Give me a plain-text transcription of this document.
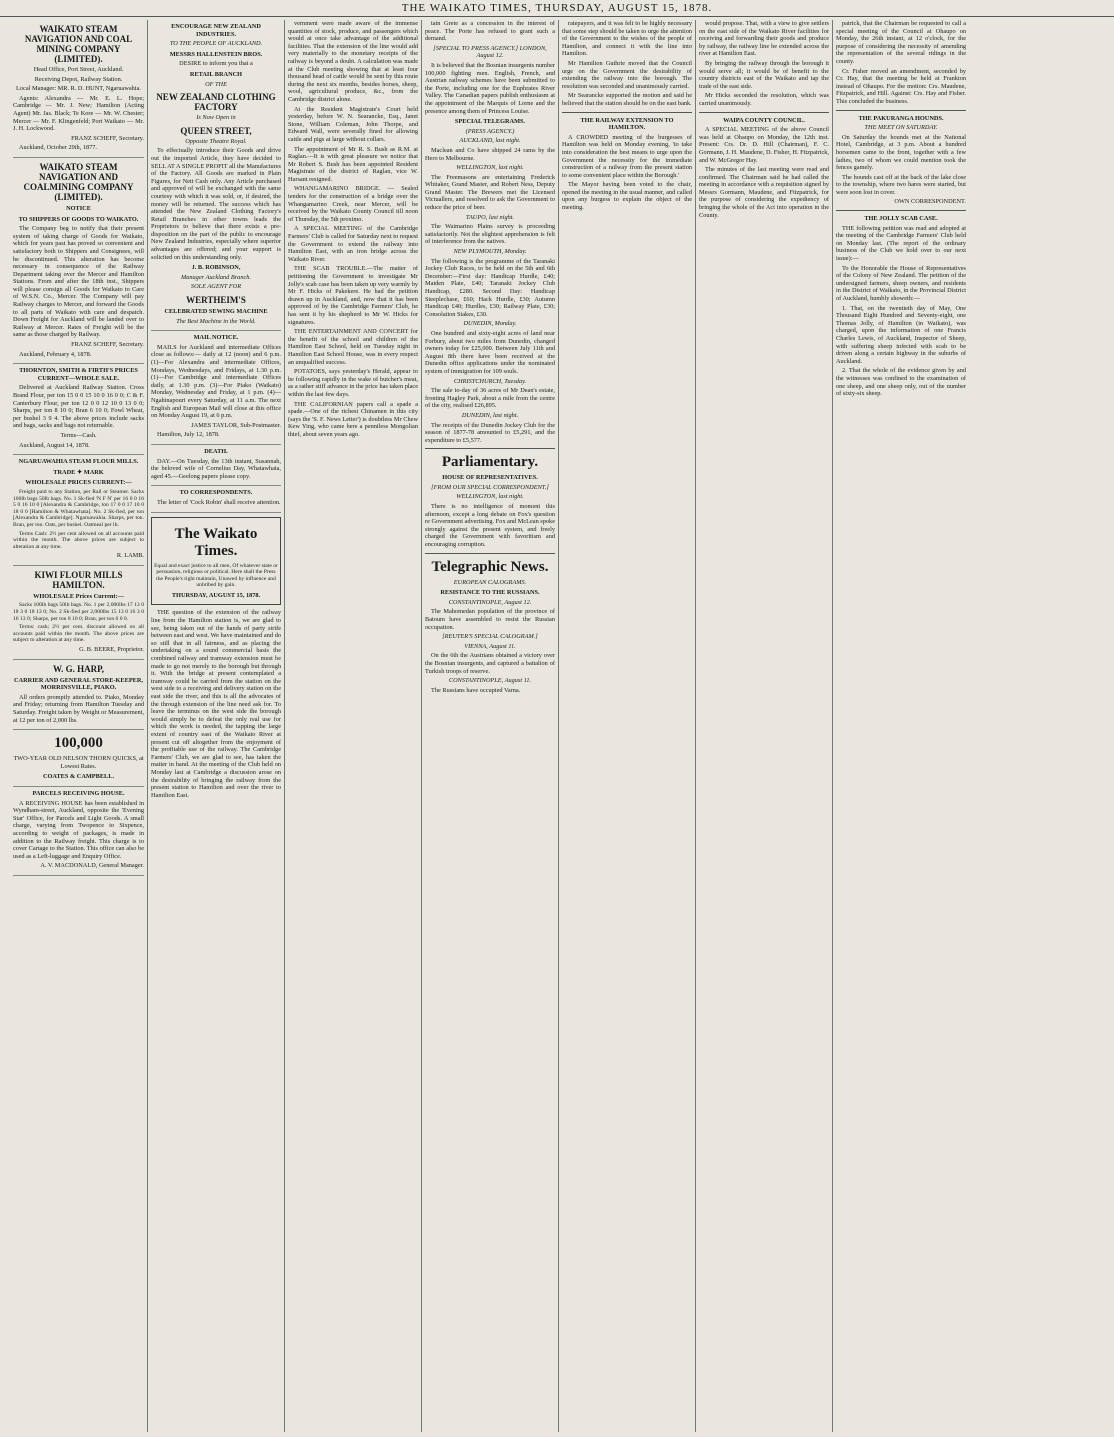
THE WAIKATO TIMES, THURSDAY, AUGUST 15, 1878.

WAIKATO STEAM NAVIGATION AND COAL MINING COMPANY (LIMITED).

Head Office, Port Street, Auckland.

Receiving Depot, Railway Station.

Local Manager: MR. R. D. HUNT, Ngaruawahia.

Agents: Alexandra — Mr. E. L. Hope; Cambridge — Mr. J. New; Hamilton (Acting Agent) Mr. Jas. Black; Te Kore — Mr. W. Chester; Mercer — Mr. F. Klingenfeld; Port Waikato — Mr. J. H. Lockwood.

FRANZ SCHEFF, Secretary.

Auckland, October 29th, 1877.

WAIKATO STEAM NAVIGATION AND COALMINING COMPANY (LIMITED).

NOTICE

TO SHIPPERS OF GOODS TO WAIKATO.

The Company beg to notify that their present system of taking charge of Goods for Waikato, which for years past has proved so convenient and satisfactory both to Shippers and Consignees, will be discontinued. This alteration has become necessary in consequence of the Railway Department taking over the Mercer and Hamilton Stations. From and after the 18th inst., Shippers will please consign all Goods for Waikato to Care of W.S.N. Co., Mercer. The Company will pay Railway charges to Mercer, and forward the Goods to all parts of Waikato with care and despatch. Down Freight for Auckland will be landed over to Railway at Mercer. Rates of Freight will be the same as those charged by Railway.

FRANZ SCHEFF, Secretary.

Auckland, February 4, 1878.

THORNTON, SMITH & FIRTH'S PRICES CURRENT—WHOLE SALE.

Delivered at Auckland Railway Station. Cross Brand Flour, per ton 15 0 0 15 10 0 16 0 0; C & F. Canterbury Flour, per ton 12 0 0 12 10 0 13 0 0; Sharps, per ton 8 10 0; Bran 6 10 0; Fowl Wheat, per bushel 3 9 4. The above prices include sacks and bags, sacks and bags not returnable.

Terms—Cash.

Auckland, August 14, 1878.

NGARUAWAHIA STEAM FLOUR MILLS.

TRADE ✦ MARK

WHOLESALE PRICES CURRENT:—

Freight paid to any Station, per Rail or Steamer. Sacks 100lb bags 50lb bags. No. 1 Sk-fied 'N F N' per 16 0 0 16 5 0 16 10 0 [Alexandra & Cambridge, ton 17 0 0 17 10 0 18 0 0 [Hamilton & Whatawhata]. No. 2 Sk-fied, per ton [Alexandra & Cambridge]. Ngaruawahia. Sharps, per ton. Bran, per ton. Oats, per bushel. Oatmeal per lb.

Terms Cash: 2½ per cent allowed on all accounts paid within the month. The above prices are subject to alteration at any time.

R. LAMB.

KIWI FLOUR MILLS HAMILTON.

WHOLESALE Prices Current:—

Sacks 100lb bags 50lb bags. No. 1 per 2,000lbs 17 13 0 18 3 0 18 13 0; No. 2 Sk-fied per 2,000lbs 15 13 0 16 3 0 16 13 0; Sharps, per ton 8 10 0; Bran, per ton 6 0 0.

Terms: cash; 2½ per cent. discount allowed on all accounts paid within the month. The above prices are subject to alteration at any time.

G. B. BEERE, Proprietor.

W. G. HARP,

CARRIER AND GENERAL STORE-KEEPER, MORRINSVILLE, PIAKO.

All orders promptly attended to. Piako, Monday and Friday; returning from Hamilton Tuesday and Saturday. Freight taken by Weight or Measurement, at 12 per ton of 2,000 lbs.

100,000

TWO-YEAR OLD NELSON THORN QUICKS, at Lowest Rates.

COATES & CAMPBELL.

PARCELS RECEIVING HOUSE.

A RECEIVING HOUSE has been established in Wyndham-street, Auckland, opposite the 'Evening Star' Office, for Parcels and Light Goods. A small charge, varying from Twopence to Sixpence, according to weight of packages, is made in addition to the Railway freight. This charge is to cover Cartage to the Station. This office can also be used as a Left-luggage and Enquiry Office.

A. V. MACDONALD, General Manager.

ENCOURAGE NEW ZEALAND INDUSTRIES.

TO THE PEOPLE OF AUCKLAND.

MESSRS HALLENSTEIN BROS.

DESIRE to inform you that a

RETAIL BRANCH

OF THE

NEW ZEALAND CLOTHING FACTORY

Is Now Open in

QUEEN STREET,

Opposite Theatre Royal.

To effectually introduce their Goods and drive out the imported Article, they have decided to SELL AT A SINGLE PROFIT all the Manufactures of the Factory. All Goods are marked in Plain Figures, for Nett Cash only. Any Article purchased and approved of will be exchanged with the same courtesy with which it was sold, or, if desired, the money will be returned. The success which has attended the New Zealand Clothing Factory's Retail Branches in other towns leads the Proprietors to believe that there exists a pre-disposition on the part of the public to encourage New Zealand Industries, especially where superior advantages are offered; and your support is solicited on this understanding only.

J. B. ROBINSON,

Manager Auckland Branch.

SOLE AGENT FOR

WERTHEIM'S

CELEBRATED SEWING MACHINE

The Best Machine in the World.

MAIL NOTICE.

MAILS for Auckland and intermediate Offices close as follows:— daily at 12 (noon) and 6 p.m. (1)—For Alexandra and intermediate Offices, Mondays, Wednesdays, and Fridays, at 1.30 p.m. (1)—For Cambridge and intermediate Offices daily, at 1.30 p.m. (3)—For Piako (Waikato) Monday, Wednesday and Friday, at 1 p.m. (4)—Ngahinapouri every Saturday, at 11 a.m. The next English and European Mail will close at this office on Monday August 19, at 6 p.m.

JAMES TAYLOR, Sub-Postmaster.

Hamilton, July 12, 1878.

DEATH.

DAY.—On Tuesday, the 13th instant, Susannah, the beloved wife of Cornelius Day, Whatawhata, aged 45.—Geelong papers please copy.

TO CORRESPONDENTS.

The letter of 'Cock Robin' shall receive attention.

The Waikato Times.

Equal and exact justice to all men, Of whatever state or persuasion, religious or political. Here shall the Press the People's right maintain, Unawed by influence and unbribed by gain.

THURSDAY, AUGUST 15, 1878.

THE question of the extension of the railway line from the Hamilton station is, we are glad to see, being taken out of the hands of party strife between east and west. We have maintained and do so still that in all fairness, and as placing the undertaking on a sound commercial basis the combined railway and tramway extension must be made to go not merely to the borough but through it. With the bridge at present contemplated a tramway could be carried from the station on the west side to a receiving and delivery station on the east side the river, and this is all the advocates of the through extension of the line need ask for. To leave the terminus on the west side the borough would simply be to defeat the only real use for which the work is needed, the tapping the large extent of country east of the Waikato River at present cut off altogether from the enjoyment of the profitable use of the railway. The Cambridge Farmers' Club, we are glad to see, has taken the matter in hand. At the meeting of the Club held on Monday last at Cambridge a discussion arose on the desirability of bringing the railway from the present station to Hamilton and over the river to Hamilton East.

vernment were made aware of the immense quantities of stock, produce, and passengers which would at once take advantage of the additional facilities. That the extension of the line would add very materially to the monetary receipts of the railway is beyond a doubt. A calculation was made at the Club meeting showing that at least four thousand head of cattle would be sent by this route during the next six months, besides horses, sheep, wool, agricultural produce, &c., from the Cambridge district alone.

At the Resident Magistrate's Court held yesterday, before W. N. Searancke, Esq., Janet Stone, William Coleman, John Thorpe, and Edward Wall, were severally fined for allowing cattle and pigs at large without collars.

The appointment of Mr R. S. Bush as R.M. at Raglan.—It is with great pleasure we notice that Mr Robert S. Bush has been appointed Resident Magistrate of the district of Raglan, vice W. Harsant resigned.

WHANGAMARINO BRIDGE. — Sealed tenders for the construction of a bridge over the Whangamarino Creek, near Mercer, will be received by the Waikato County Council till noon of Thursday, the 5th proximo.

A SPECIAL MEETING of the Cambridge Farmers' Club is called for Saturday next to request the Government to extend the railway into Hamilton East, with an iron bridge across the Waikato River.

THE SCAB TROUBLE.—The matter of petitioning the Government to investigate Mr Jolly's scab case has been taken up very warmly by Mr F. Hicks of Pakekere. He had the petition drawn up in Auckland, and, now that it has been approved of by the Cambridge Farmers' Club, he has sent it by his shepherd to Mr W. Hicks for signatures.

THE ENTERTAINMENT AND CONCERT for the benefit of the school and children of the Hamilton East School, held on Tuesday night in Hamilton East School House, was in every respect an unqualified success.

POTATOES, says yesterday's Herald, appear to be following rapidly in the wake of butcher's meat, as a rather stiff advance in the price has taken place within the last few days.

THE CALIFORNIAN papers call a spade a spade.—One of the richest Chinamen in this city (says the 'S. F. News Letter') is doubtless Mr Chew Kew Ying, who came here a penniless Mongolian thief, about seven years ago.

tain Grete as a concession in the interest of peace. The Porte has refused to grant such a demand.

[SPECIAL TO PRESS AGENCY.] LONDON, August 12.

It is believed that the Bosnian insurgents number 100,000 fighting men. English, French, and Austrian railway schemes have been submitted to the Porte, including one for the Euphrates River Valley. The Canadian papers publish enthusiasm at the appointment of the Marquis of Lorne and the presence among them of Princess Louise.

SPECIAL TELEGRAMS.

(PRESS AGENCY.)

AUCKLAND, last night.

Maclean and Co have shipped 24 rams by the Hero to Melbourne.

WELLINGTON, last night.

The Freemasons are entertaining Frederick Whitaker, Grand Master, and Robert Ness, Deputy Grand Master. The Brewers met the Licensed Victuallers, and resolved to ask the Government to reduce the price of beer.

TAUPO, last night.

The Waimarino Plains survey is proceeding satisfactorily. Not the slightest apprehension is felt of interference from the natives.

NEW PLYMOUTH, Monday.

The following is the programme of the Taranaki Jockey Club Races, to be held on the 5th and 6th December:—First day: Handicap Hurdle, £40; Maiden Plate, £40; Taranaki Jockey Club Handicap, £280. Second Day: Handicap Steeplechase, £60; Hack Hurdle, £30; Autumn Handicap £40; Hurdles, £30; Railway Plate, £30; Consolation Stakes, £30.

DUNEDIN, Monday.

One hundred and sixty-eight acres of land near Forbury, about two miles from Dunedin, changed owners today for £25,000. Between July 11th and August 8th there have been received at the Dunedin office applications under the nominated system of immigration for 109 souls.

CHRISTCHURCH, Tuesday.

The sale to-day of 36 acres of Mr Dean's estate, fronting Hagley Park, about a mile from the centre of the city, realised £26,895.

DUNEDIN, last night.

The receipts of the Dunedin Jockey Club for the season of 1877-78 amounted to £5,291, and the expenditure to £5,577.

Parliamentary.

HOUSE OF REPRESENTATIVES.

[FROM OUR SPECIAL CORRESPONDENT.]

WELLINGTON, last night.

There is no intelligence of moment this afternoon, except a long debate on Fox's question re Government advertising. Fox and McLean spoke strongly against the present system, and freely charged the Government with favoritism and encouraging corruption.

Telegraphic News.

EUROPEAN CALOGRAMS.

RESISTANCE TO THE RUSSIANS.

CONSTANTINOPLE, August 12.

The Mahomedan population of the province of Batoum have assembled to resist the Russian occupation.

[REUTER'S SPECIAL CALOGRAM.]

VIENNA, August 11.

On the 6th the Austrians obtained a victory over the Bosnian insurgents, and captured a battalion of Turkish troops of reserve.

CONSTANTINOPLE, August 11.

The Russians have occupied Varna.

ratepayers, and it was felt to be highly necessary that some step should be taken to urge the attention of the Government to the wishes of the people of Hamilton, and connect it with the line into Hamilton.

Mr Hamilton Guthrie moved that the Council urge on the Government the desirability of extending the railway into the borough. The resolution was seconded and unanimously carried.

Mr Searancke supported the motion and said he believed that the station should be on the east bank.

THE RAILWAY EXTENSION TO HAMILTON.

A CROWDED meeting of the burgesses of Hamilton was held on Monday evening, 'to take into consideration the best means to urge upon the Government the necessity for the immediate construction of a railway from the present station to some convenient place within the Borough.'

The Mayor having been voted to the chair, opened the meeting in the usual manner, and called upon any burgess to explain the object of the meeting.

would propose. That, with a view to give settlers on the east side of the Waikato River facilities for receiving and forwarding their goods and produce by railway, the railway line be extended across the river at Hamilton East.

By bringing the railway through the borough it would serve all; it would be of benefit to the country districts east of the Waikato and tap the trade of the east side.

Mr Hicks seconded the resolution, which was carried unanimously.

WAIPA COUNTY COUNCIL.

A SPECIAL MEETING of the above Council was held at Ohaupo on Monday, the 12th inst. Present: Crs. Dr. D. Hill (Chairman), F. C. Gormann, J. H. Maudene, D. Fisher, H. Fitzpatrick, and W. McGregor Hay.

The minutes of the last meeting were read and confirmed. The Chairman said he had called the meeting in accordance with a requisition signed by Messrs Gormann, Maudene, and Fitzpatrick, for the purpose of considering the expediency of bringing the whole of the Act into operation in the County.

patrick, that the Chairman be requested to call a special meeting of the Council at Ohaupo on Monday, the 26th instant, at 12 o'clock, for the purpose of considering the necessity of amending the representation of the several ridings in the county.

Cr. Fisher moved an amendment, seconded by Cr. Hay, that the meeting be held at Frankton instead of Ohaupo. For the motion: Crs. Maudene, Fitzpatrick, and Hill. Against: Crs. Hay and Fisher. This concluded the business.

THE PAKURANGA HOUNDS.

THE MEET ON SATURDAY.

On Saturday the hounds met at the National Hotel, Cambridge, at 3 p.m. About a hundred horsemen came to the front, together with a few ladies, two of whom we could mention took the fences gamely.

The hounds cast off at the back of the lake close to the township, where two hares were started, but were soon lost in cover.

OWN CORRESPONDENT.

THE JOLLY SCAB CASE.

THE following petition was read and adopted at the meeting of the Cambridge Farmers' Club held on Monday last. (The report of the ordinary business of the Club we hold over to our next issue):—

To the Honorable the House of Representatives of the Colony of New Zealand. The petition of the undersigned farmers, sheep owners, and residents in the District of Waikato, in the Provincial District of Auckland, humbly showeth:—

1. That, on the twentieth day of May, One Thousand Eight Hundred and Seventy-eight, one Thomas Jolly, of Hamilton (in Waikato), was charged, upon the information of one Francis Charles Lewis, of Auckland, Inspector of Sheep, with suffering sheep infected with scab to be driven along a certain highway in the suburbs of Auckland.

2. That the whole of the evidence given by and the witnesses was confined to the examination of one sheep, and one sheep only, out of the number of sixty-six sheep.
